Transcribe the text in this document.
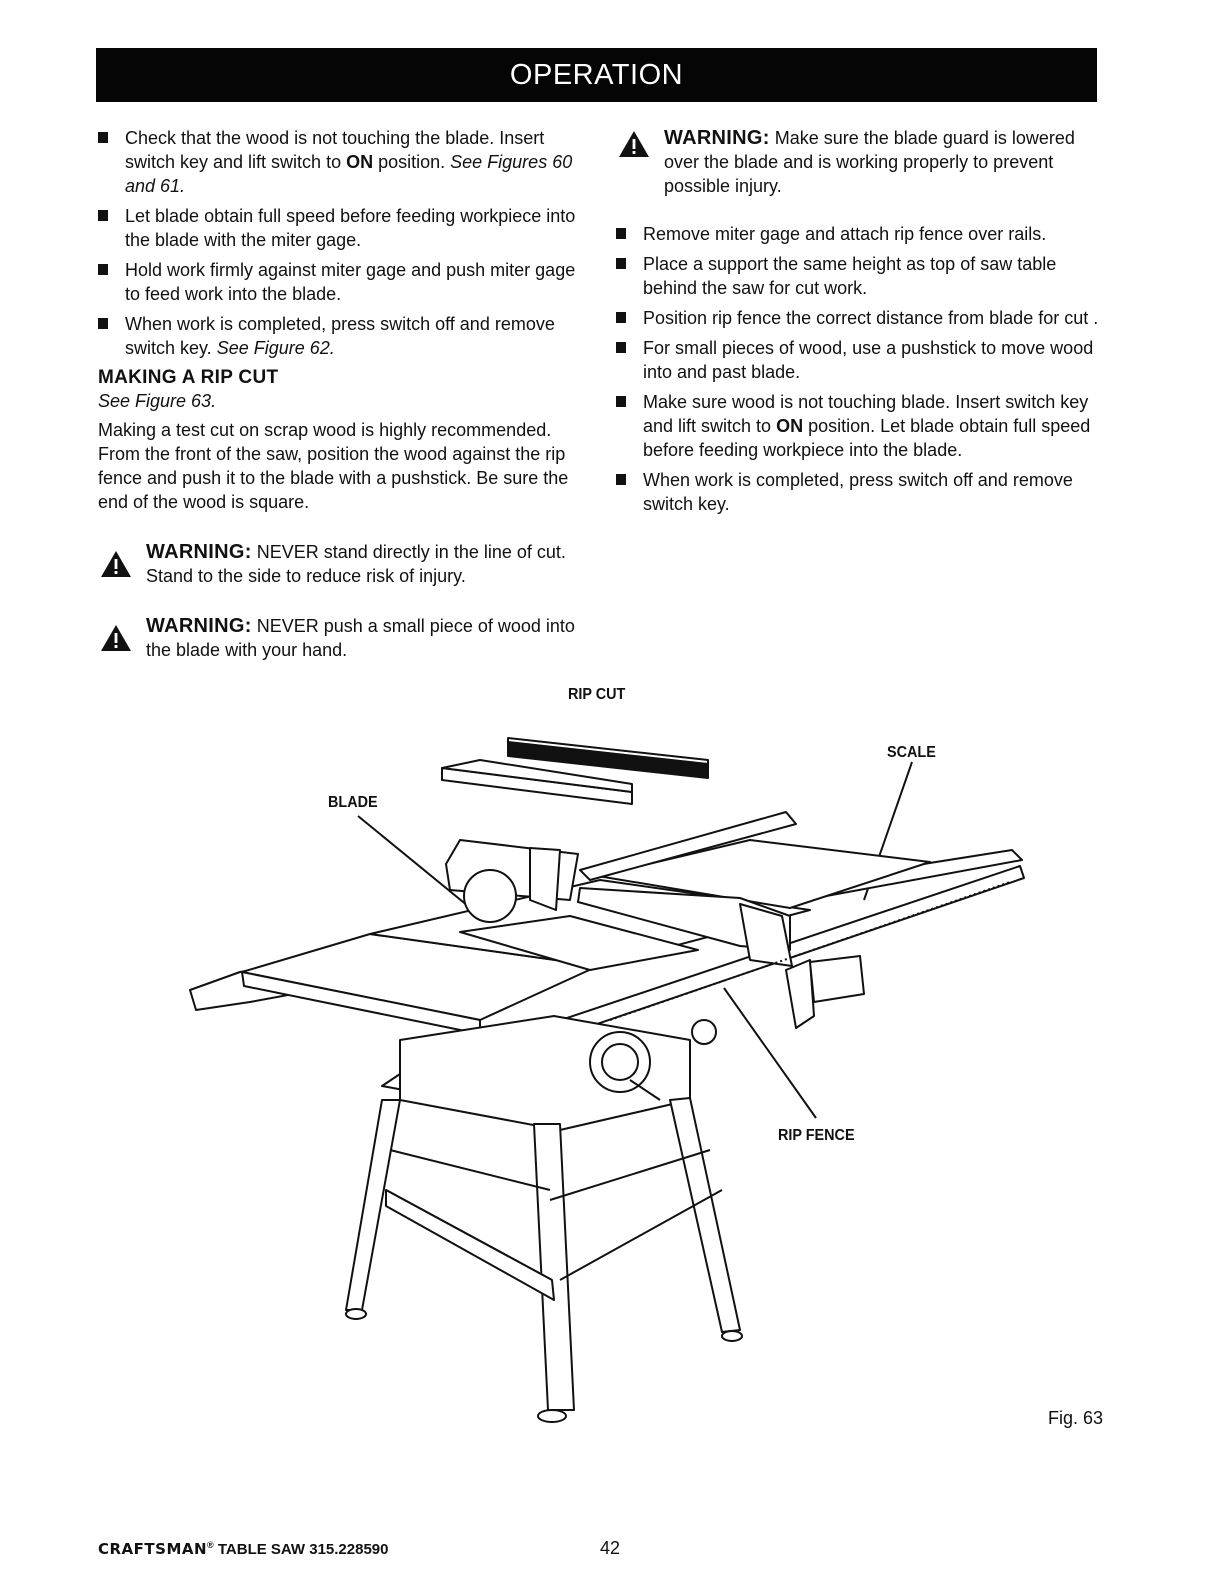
OPERATION
Check that the wood is not touching the blade. Insert switch key and lift switch to ON position. See Figures 60 and 61.
Let blade obtain full speed before feeding workpiece into the blade with the miter gage.
Hold work firmly against miter gage and push miter gage to feed work into the blade.
When work is completed, press switch off and remove switch key. See Figure 62.
MAKING A RIP CUT
See Figure 63.
Making a test cut on scrap wood is highly recommended. From the front of the saw, position the wood against the rip fence and push it to the blade with a pushstick. Be sure the end of the wood is square.
WARNING: NEVER stand directly in the line of cut. Stand to the side to reduce risk of injury.
WARNING: NEVER push a small piece of wood into the blade with your hand.
WARNING: Make sure the blade guard is lowered over the blade and is working properly to prevent possible injury.
Remove miter gage and attach rip fence over rails.
Place a support the same height as top of saw table behind the saw for cut work.
Position rip fence the correct distance from blade for cut .
For small pieces of wood, use a pushstick to move wood into and past blade.
Make sure wood is not touching blade. Insert switch key and lift switch to ON position. Let blade obtain full speed before feeding workpiece into the blade.
When work is completed, press switch off and remove switch key.
RIP CUT
BLADE
SCALE
RIP FENCE
Fig. 63
CRAFTSMAN® TABLE SAW 315.228590	42
